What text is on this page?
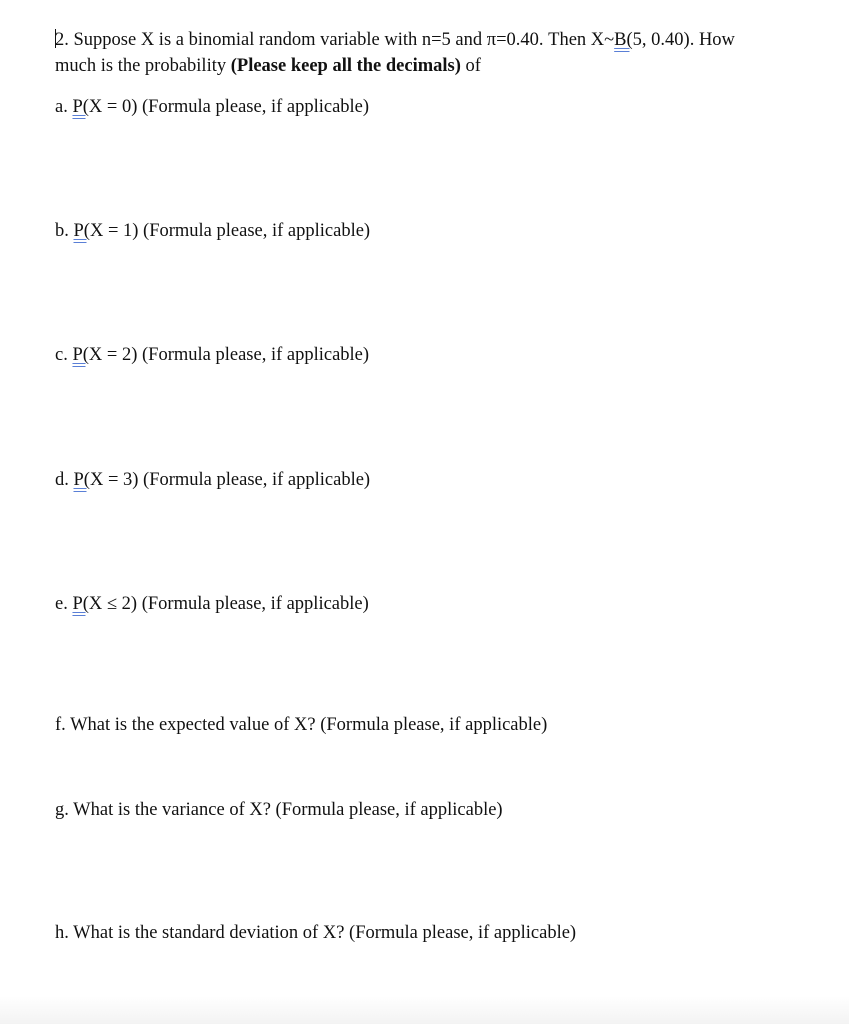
2. Suppose X is a binomial random variable with n=5 and π=0.40. Then X~B(5, 0.40). How
much is the probability (Please keep all the decimals) of
a. P(X = 0) (Formula please, if applicable)
b. P(X = 1) (Formula please, if applicable)
c. P(X = 2) (Formula please, if applicable)
d. P(X = 3) (Formula please, if applicable)
e. P(X ≤ 2) (Formula please, if applicable)
f. What is the expected value of X? (Formula please, if applicable)
g. What is the variance of X? (Formula please, if applicable)
h. What is the standard deviation of X? (Formula please, if applicable)
